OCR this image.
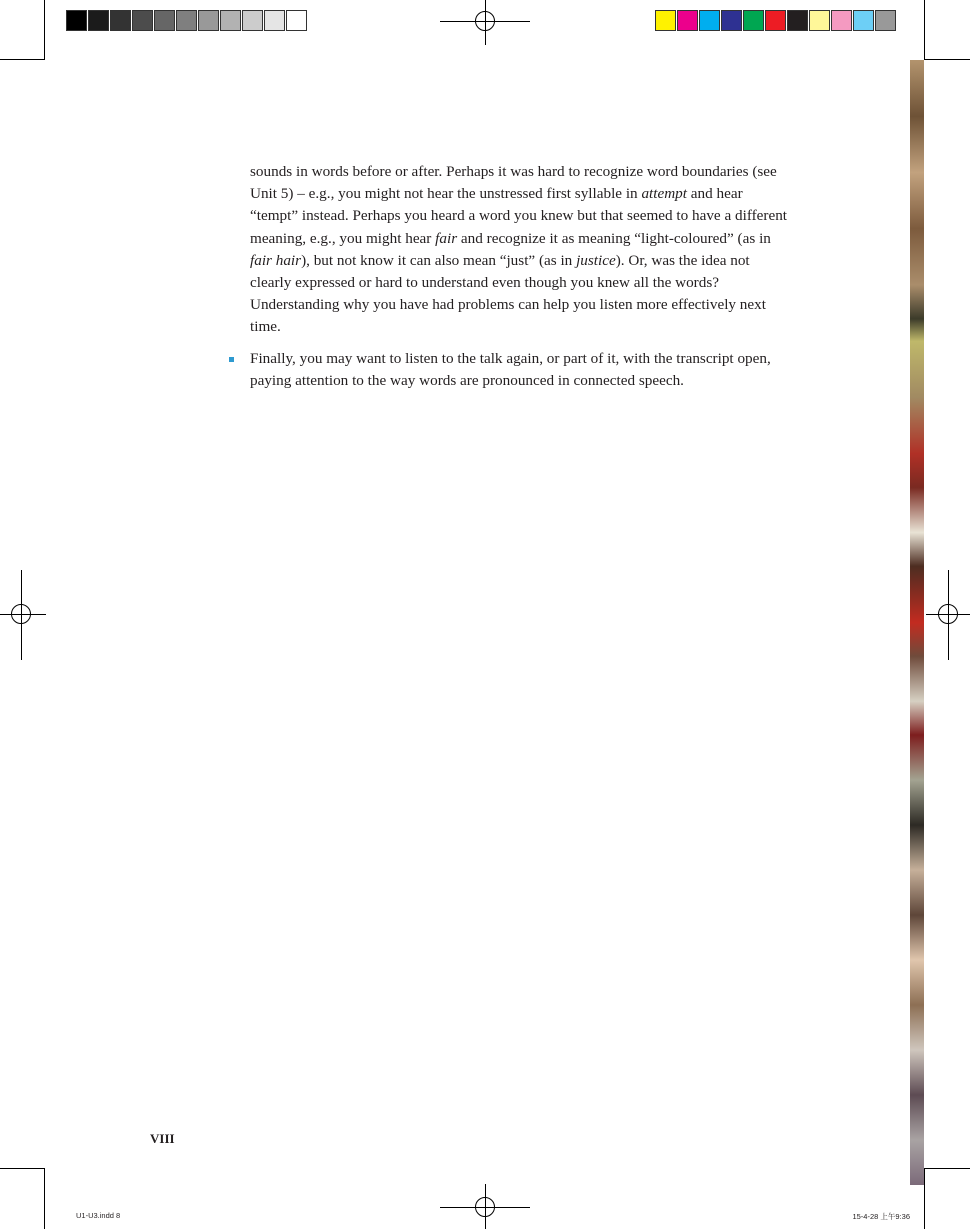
sounds in words before or after. Perhaps it was hard to recognize word boundaries (see Unit 5) – e.g., you might not hear the unstressed first syllable in attempt and hear “tempt” instead. Perhaps you heard a word you knew but that seemed to have a different meaning, e.g., you might hear fair and recognize it as meaning “light-coloured” (as in fair hair), but not know it can also mean “just” (as in justice). Or, was the idea not clearly expressed or hard to understand even though you knew all the words? Understanding why you have had problems can help you listen more effectively next time.

Finally, you may want to listen to the talk again, or part of it, with the transcript open, paying attention to the way words are pronounced in connected speech.

VIII
U1-U3.indd 8	15-4-28 上午9:36
